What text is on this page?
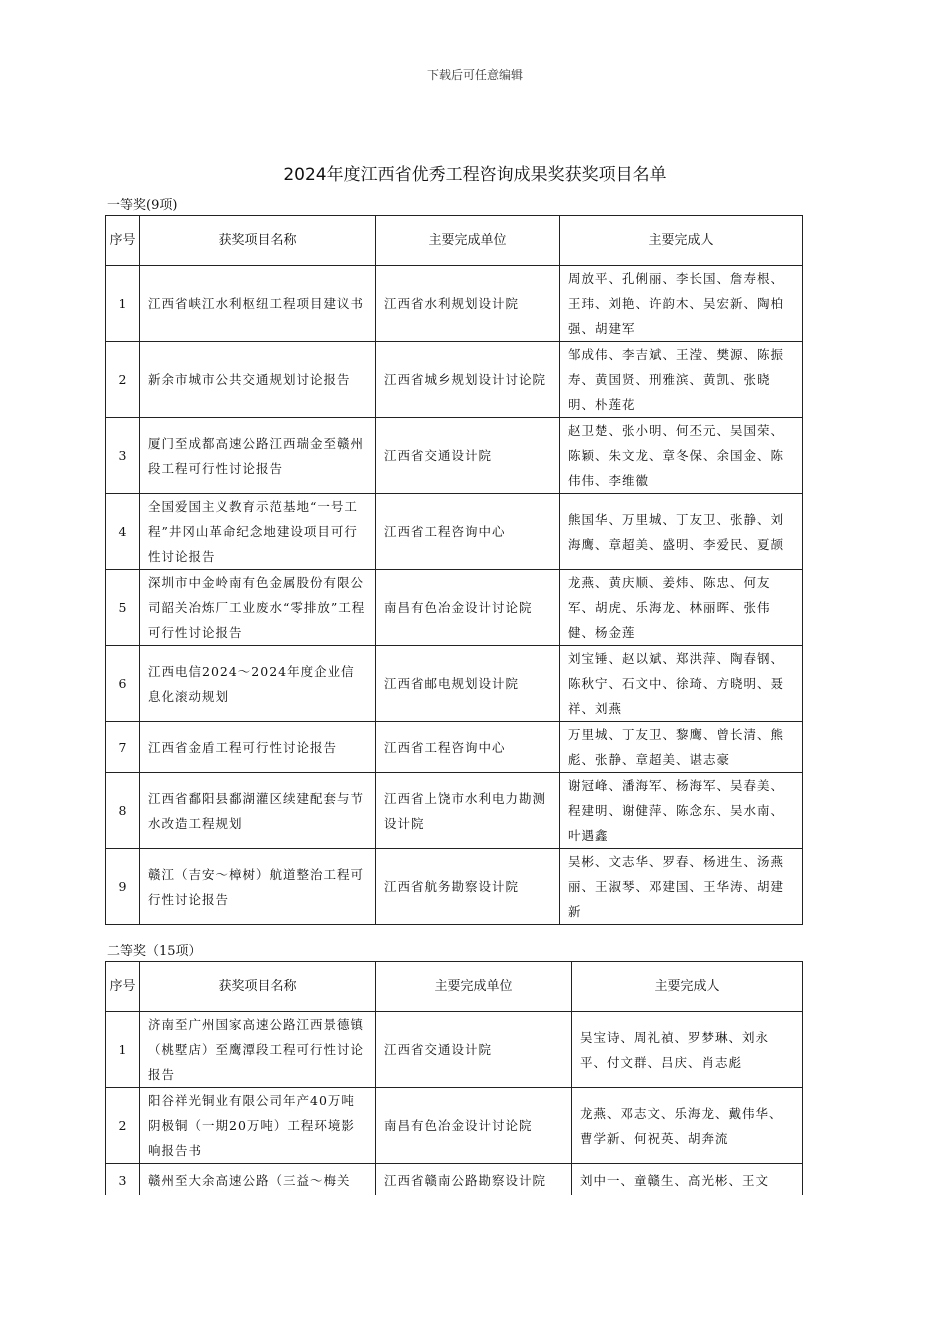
下载后可任意编辑
2024年度江西省优秀工程咨询成果奖获奖项目名单
一等奖(9项)
序号	获奖项目名称	主要完成单位	主要完成人
1	江西省峡江水利枢纽工程项目建议书	江西省水利规划设计院	周放平、孔俐丽、李长国、詹寿根、王玮、刘艳、许韵木、吴宏新、陶柏强、胡建军
2	新余市城市公共交通规划讨论报告	江西省城乡规划设计讨论院	邹成伟、李吉斌、王滢、樊源、陈振寿、黄国贤、刑雅滨、黄凯、张晓明、朴莲花
3	厦门至成都高速公路江西瑞金至赣州段工程可行性讨论报告	江西省交通设计院	赵卫楚、张小明、何丕元、吴国荣、陈颖、朱文龙、章冬保、余国金、陈伟伟、李维徽
4	全国爱国主义教育示范基地“一号工程”井冈山革命纪念地建设项目可行性讨论报告	江西省工程咨询中心	熊国华、万里城、丁友卫、张静、刘海鹰、章超美、盛明、李爱民、夏颉
5	深圳市中金岭南有色金属股份有限公司韶关冶炼厂工业废水“零排放”工程可行性讨论报告	南昌有色冶金设计讨论院	龙燕、黄庆顺、姜炜、陈忠、何友军、胡虎、乐海龙、林丽晖、张伟健、杨金莲
6	江西电信2024～2024年度企业信息化滚动规划	江西省邮电规划设计院	刘宝锤、赵以斌、郑洪萍、陶春钢、陈秋宁、石文中、徐琦、方晓明、聂祥、刘燕
7	江西省金盾工程可行性讨论报告	江西省工程咨询中心	万里城、丁友卫、黎鹰、曾长清、熊彪、张静、章超美、谌志豪
8	江西省鄱阳县鄱湖灌区续建配套与节水改造工程规划	江西省上饶市水利电力勘测设计院	谢冠峰、潘海军、杨海军、吴春美、程建明、谢健萍、陈念东、吴水南、叶遇鑫
9	赣江（吉安～樟树）航道整治工程可行性讨论报告	江西省航务勘察设计院	吴彬、文志华、罗春、杨进生、汤燕丽、王淑琴、邓建国、王华涛、胡建新
二等奖（15项）
序号	获奖项目名称	主要完成单位	主要完成人
1	济南至广州国家高速公路江西景德镇（桃墅店）至鹰潭段工程可行性讨论报告	江西省交通设计院	吴宝诗、周礼禎、罗梦琳、刘永平、付文群、吕庆、肖志彪
2	阳谷祥光铜业有限公司年产40万吨阴极铜（一期20万吨）工程环境影响报告书	南昌有色冶金设计讨论院	龙燕、邓志文、乐海龙、戴伟华、曹学新、何祝英、胡奔流
3	赣州至大余高速公路（三益～梅关	江西省赣南公路勘察设计院	刘中一、童赣生、高光彬、王文
